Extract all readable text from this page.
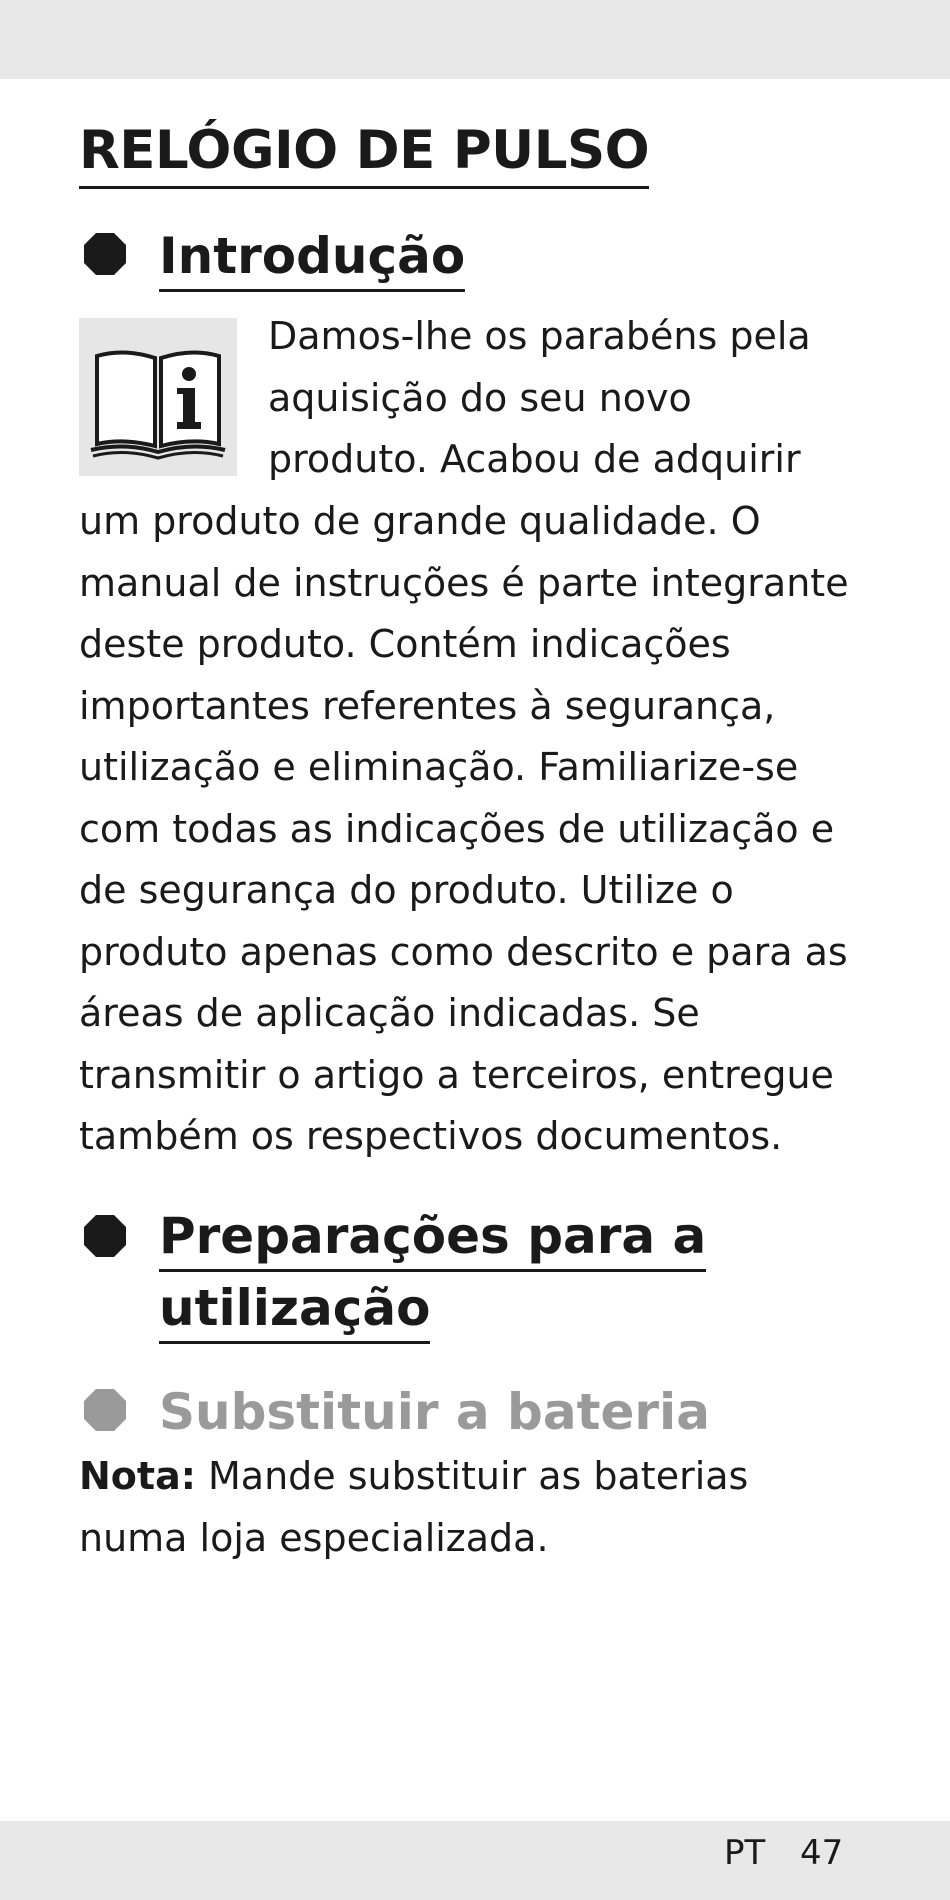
RELÓGIO DE PULSO
Introdução
Damos-lhe os parabéns pela
aquisição do seu novo
produto. Acabou de adquirir
um produto de grande qualidade. O
manual de instruções é parte integrante
deste produto. Contém indicações
importantes referentes à segurança,
utilização e eliminação. Familiarize-se
com todas as indicações de utilização e
de segurança do produto. Utilize o
produto apenas como descrito e para as
áreas de aplicação indicadas. Se
transmitir o artigo a terceiros, entregue
também os respectivos documentos.
Preparações para a
utilização
Substituir a bateria
Nota: Mande substituir as baterias
numa loja especializada.
PT 47
